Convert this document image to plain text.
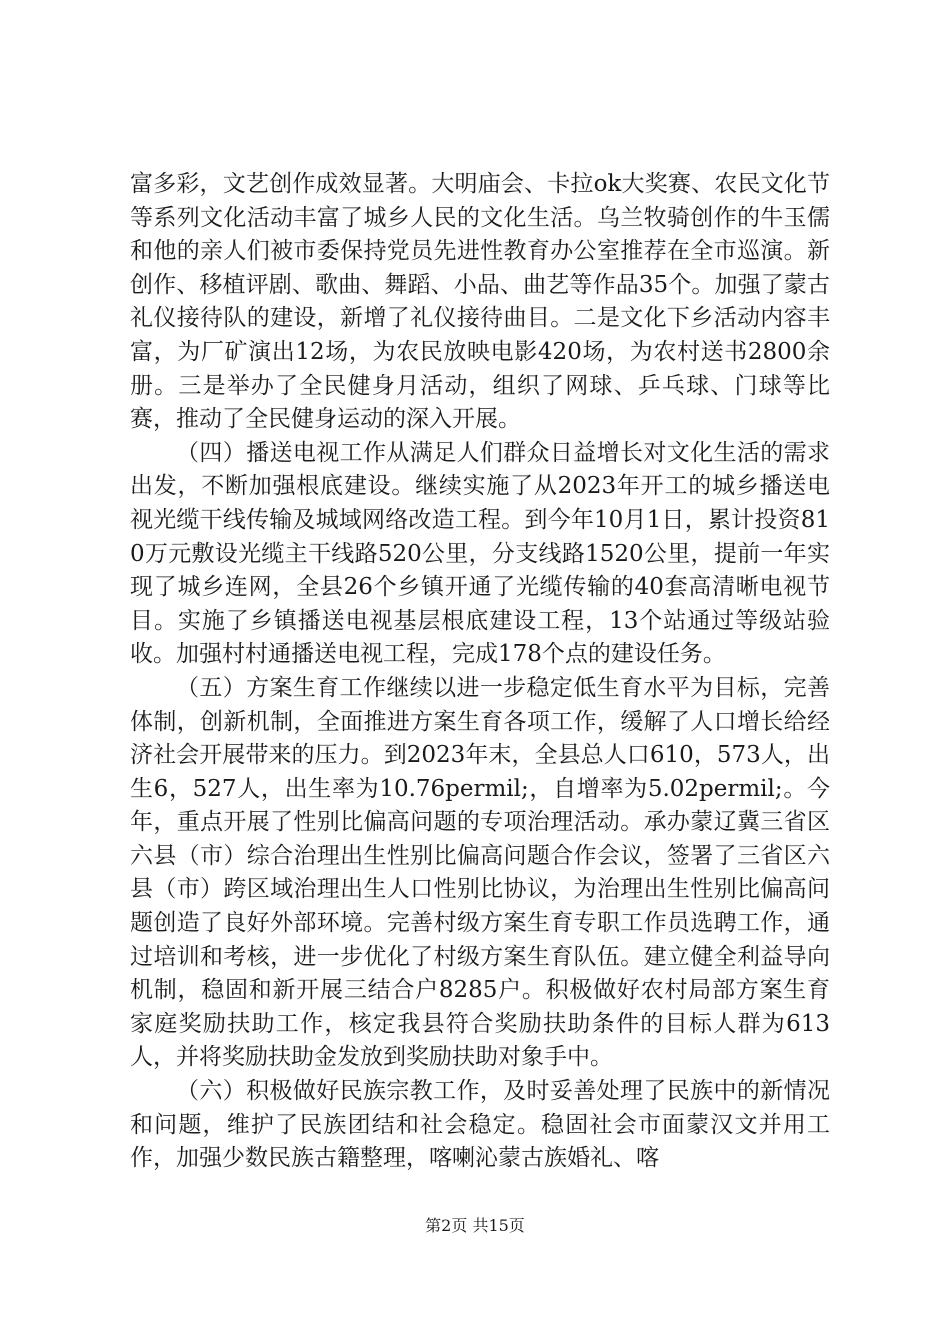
富多彩，文艺创作成效显著。大明庙会、卡拉ok大奖赛、农民文化节等系列文化活动丰富了城乡人民的文化生活。乌兰牧骑创作的牛玉儒和他的亲人们被市委保持党员先进性教育办公室推荐在全市巡演。新创作、移植评剧、歌曲、舞蹈、小品、曲艺等作品35个。加强了蒙古礼仪接待队的建设，新增了礼仪接待曲目。二是文化下乡活动内容丰富，为厂矿演出12场，为农民放映电影420场，为农村送书2800余册。三是举办了全民健身月活动，组织了网球、乒乓球、门球等比赛，推动了全民健身运动的深入开展。

（四）播送电视工作从满足人们群众日益增长对文化生活的需求出发，不断加强根底建设。继续实施了从2023年开工的城乡播送电视光缆干线传输及城域网络改造工程。到今年10月1日，累计投资810万元敷设光缆主干线路520公里，分支线路1520公里，提前一年实现了城乡连网，全县26个乡镇开通了光缆传输的40套高清晰电视节目。实施了乡镇播送电视基层根底建设工程，13个站通过等级站验收。加强村村通播送电视工程，完成178个点的建设任务。

（五）方案生育工作继续以进一步稳定低生育水平为目标，完善体制，创新机制，全面推进方案生育各项工作，缓解了人口增长给经济社会开展带来的压力。到2023年末，全县总人口610，573人，出生6，527人，出生率为10.76permil;，自增率为5.02permil;。今年，重点开展了性别比偏高问题的专项治理活动。承办蒙辽冀三省区六县（市）综合治理出生性别比偏高问题合作会议，签署了三省区六县（市）跨区域治理出生人口性别比协议，为治理出生性别比偏高问题创造了良好外部环境。完善村级方案生育专职工作员选聘工作，通过培训和考核，进一步优化了村级方案生育队伍。建立健全利益导向机制，稳固和新开展三结合户8285户。积极做好农村局部方案生育家庭奖励扶助工作，核定我县符合奖励扶助条件的目标人群为613人，并将奖励扶助金发放到奖励扶助对象手中。

（六）积极做好民族宗教工作，及时妥善处理了民族中的新情况和问题，维护了民族团结和社会稳定。稳固社会市面蒙汉文并用工作，加强少数民族古籍整理，喀喇沁蒙古族婚礼、喀

第2页 共15页
